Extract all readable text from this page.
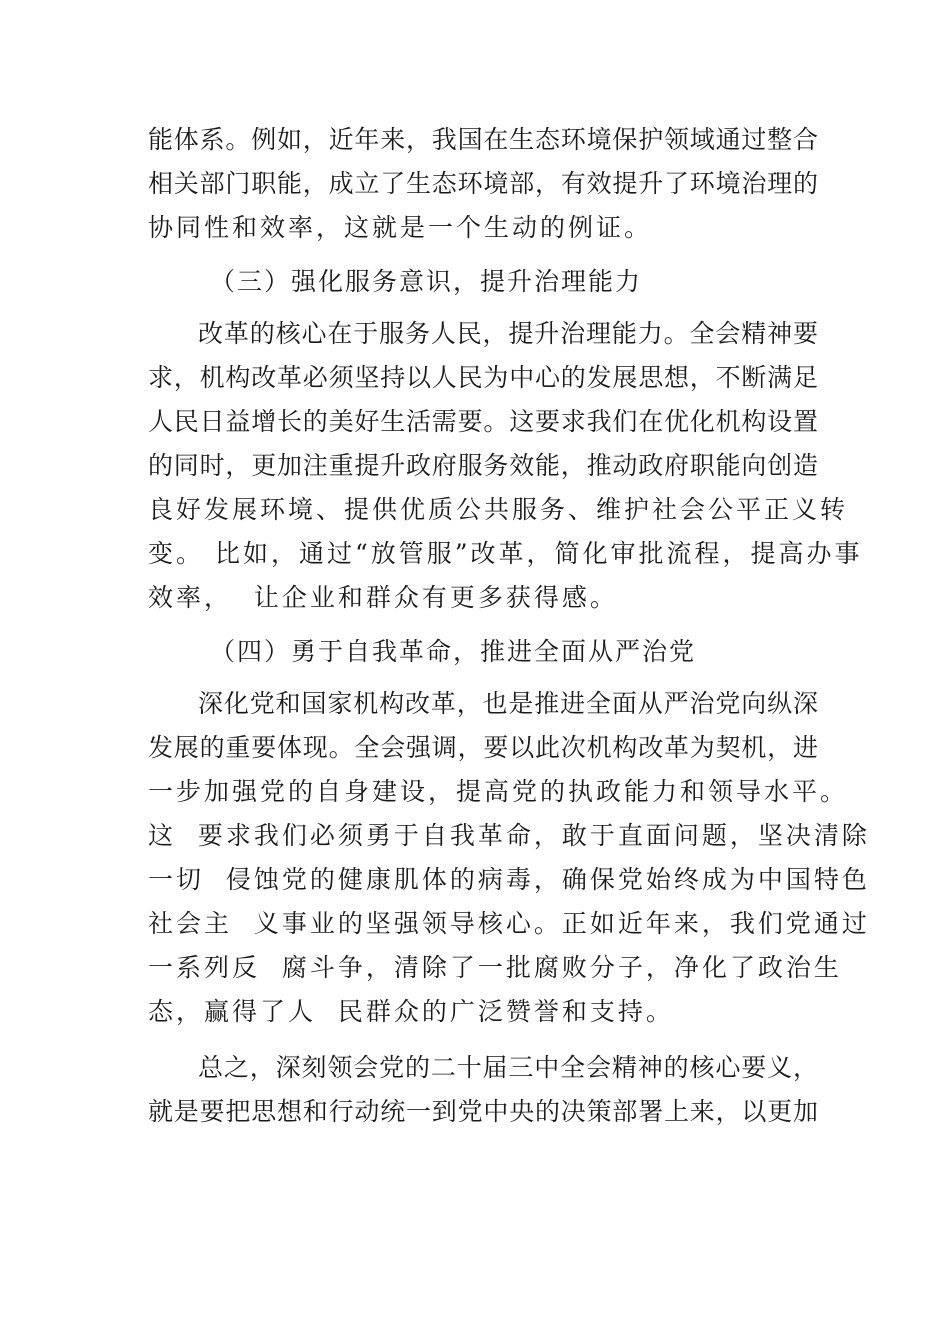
能体系。例如，近年来，我国在生态环境保护领域通过整合
相关部门职能，成立了生态环境部，有效提升了环境治理的
协同性和效率，这就是一个生动的例证。
（三）强化服务意识，提升治理能力
改革的核心在于服务人民，提升治理能力。全会精神要
求，机构改革必须坚持以人民为中心的发展思想，不断满足
人民日益增长的美好生活需要。这要求我们在优化机构设置
的同时，更加注重提升政府服务效能，推动政府职能向创造
良好发展环境、提供优质公共服务、维护社会公平正义转
变。 比如，通过“放管服”改革，简化审批流程，提高办事
效率，  让企业和群众有更多获得感。
（四）勇于自我革命，推进全面从严治党
深化党和国家机构改革，也是推进全面从严治党向纵深
发展的重要体现。全会强调，要以此次机构改革为契机，进
一步加强党的自身建设，提高党的执政能力和领导水平。
这  要求我们必须勇于自我革命，敢于直面问题，坚决清除
一切  侵蚀党的健康肌体的病毒，确保党始终成为中国特色
社会主  义事业的坚强领导核心。正如近年来，我们党通过
一系列反  腐斗争，清除了一批腐败分子，净化了政治生
态，赢得了人  民群众的广泛赞誉和支持。
总之，深刻领会党的二十届三中全会精神的核心要义，
就是要把思想和行动统一到党中央的决策部署上来，以更加
